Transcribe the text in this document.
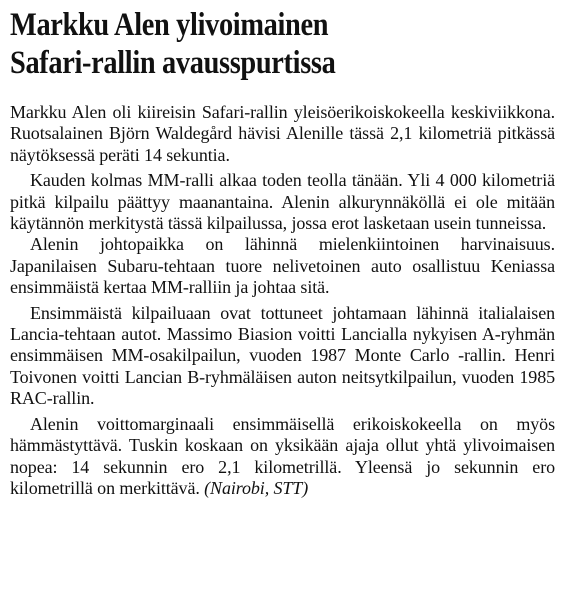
Markku Alen ylivoimainen
Safari-rallin avausspurtissa

Markku Alen oli kiireisin Safari-rallin yleisöerikoiskokeella keskiviikkona. Ruotsalainen Björn Waldegård hävisi Alenille tässä 2,1 kilometriä pitkässä näytöksessä peräti 14 sekuntia.

Kauden kolmas MM-ralli alkaa toden teolla tänään. Yli 4 000 kilometriä pitkä kilpailu päättyy maanantaina. Alenin alkurynnäköllä ei ole mitään käytännön merkitystä tässä kilpailussa, jossa erot lasketaan usein tunneissa.

Alenin johtopaikka on lähinnä mielenkiintoinen harvinaisuus. Japanilaisen Subaru-tehtaan tuore nelivetoinen auto osallistuu Keniassa ensimmäistä kertaa MM-ralliin ja johtaa sitä.

Ensimmäistä kilpailuaan ovat tottuneet johtamaan lähinnä italialaisen Lancia-tehtaan autot. Massimo Biasion voitti Lancialla nykyisen A-ryhmän ensimmäisen MM-osakilpailun, vuoden 1987 Monte Carlo -rallin. Henri Toivonen voitti Lancian B-ryhmäläisen auton neitsytkilpailun, vuoden 1985 RAC-rallin.

Alenin voittomarginaali ensimmäisellä erikoiskokeella on myös hämmästyttävä. Tuskin koskaan on yksikään ajaja ollut yhtä ylivoimaisen nopea: 14 sekunnin ero 2,1 kilometrillä. Yleensä jo sekunnin ero kilometrillä on merkittävä. (Nairobi, STT)
